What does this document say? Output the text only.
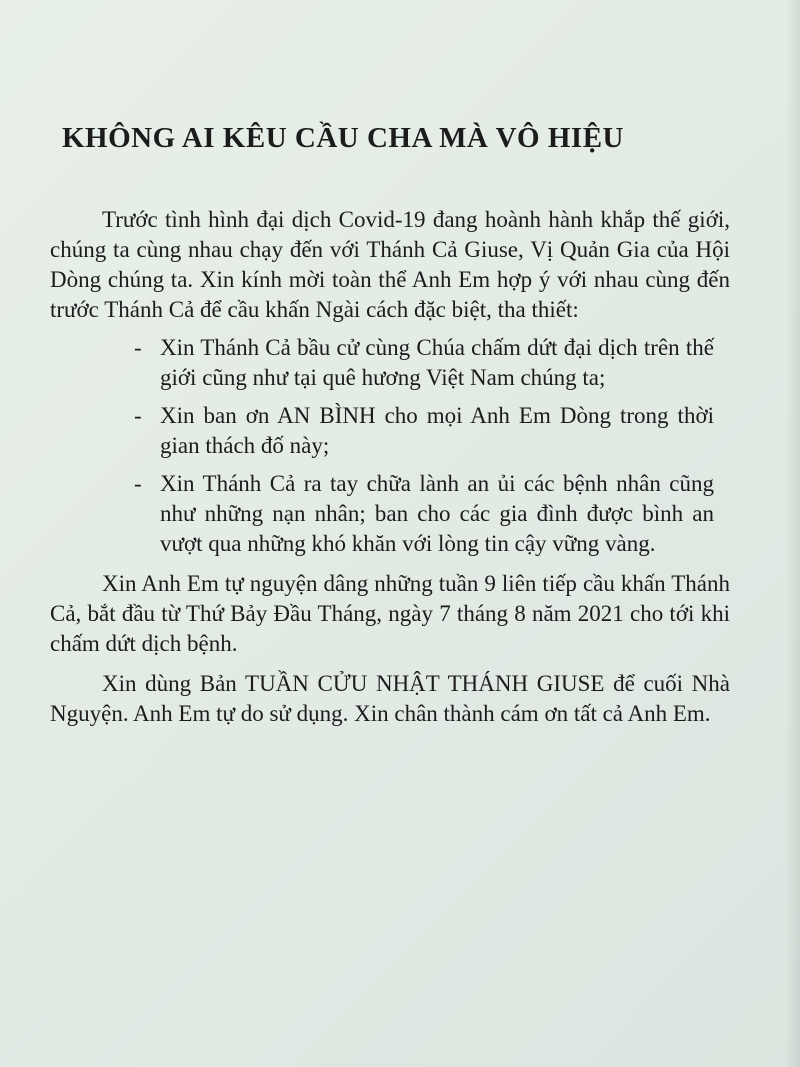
KHÔNG AI KÊU CẦU CHA MÀ VÔ HIỆU

Trước tình hình đại dịch Covid-19 đang hoành hành khắp thế giới, chúng ta cùng nhau chạy đến với Thánh Cả Giuse, Vị Quản Gia của Hội Dòng chúng ta. Xin kính mời toàn thể Anh Em hợp ý với nhau cùng đến trước Thánh Cả để cầu khấn Ngài cách đặc biệt, tha thiết:

- Xin Thánh Cả bầu cử cùng Chúa chấm dứt đại dịch trên thế giới cũng như tại quê hương Việt Nam chúng ta;
- Xin ban ơn AN BÌNH cho mọi Anh Em Dòng trong thời gian thách đố này;
- Xin Thánh Cả ra tay chữa lành an ủi các bệnh nhân cũng như những nạn nhân; ban cho các gia đình được bình an vượt qua những khó khăn với lòng tin cậy vững vàng.

Xin Anh Em tự nguyện dâng những tuần 9 liên tiếp cầu khấn Thánh Cả, bắt đầu từ Thứ Bảy Đầu Tháng, ngày 7 tháng 8 năm 2021 cho tới khi chấm dứt dịch bệnh.

Xin dùng Bản TUẦN CỬU NHẬT THÁNH GIUSE để cuối Nhà Nguyện. Anh Em tự do sử dụng. Xin chân thành cám ơn tất cả Anh Em.
